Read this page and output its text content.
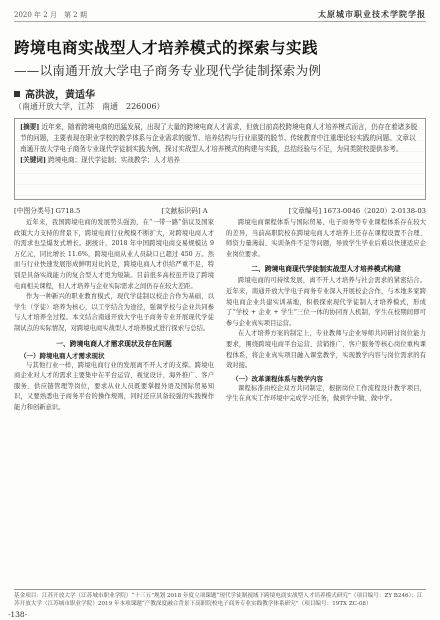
2020 年 2 月　第 2 期	太原城市职业技术学院学报
跨境电商实战型人才培养模式的探索与实践
——以南通开放大学电子商务专业现代学徒制探索为例
高洪波，黄适华
（南通开放大学，江苏　南通　226006）
[摘要] 近年来，随着跨境电商的迅猛发展，出现了大量的跨境电商人才需求，但就目前高校跨境电商人才培养模式而言，仍存在着诸多脱节的问题，主要表现在职业学校的教学体系与企业需求的脱节、培养结构与行业需要的脱节、传统教育中注重理论轻实践的问题。文章以南通开放大学电子商务专业现代学徒制实践为例，探讨实战型人才培养模式的构建与实践，总结经验与不足，为同类院校提供参考。
[关键词] 跨境电商；现代学徒制；实战教学；人才培养
[中图分类号] G718.5	[文献标识码] A	[文章编号] 1673-0046（2020）2-0138-03

近年来，我国跨境电商的发展势头强劲，在“一带一路”倡议及国家政策大力支持的背景下，跨境电商行业规模不断扩大，对跨境电商人才的需求也呈爆发式增长。据统计，2018 年中国跨境电商交易规模达 9 万亿元，同比增长 11.6%，跨境电商从业人员缺口已超过 450 万。然而与行业快速发展形成鲜明对比的是，跨境电商人才供给严重不足，特别是具备实战能力的复合型人才更为短缺。目前很多高校虽开设了跨境电商相关课程，但人才培养与企业实际需求之间仍存在较大差距。

作为一种新兴的职业教育模式，现代学徒制以校企合作为基础，以学生（学徒）培养为核心，以工学结合为途径，强调学校与企业共同参与人才培养全过程。本文结合南通开放大学电子商务专业开展现代学徒制试点的实际情况，对跨境电商实战型人才培养模式进行探索与总结。

一、跨境电商人才需求现状及存在问题
（一）跨境电商人才需求现状

与其他行业一样，跨境电商行业的发展离不开人才的支撑。跨境电商企业对人才的需求主要集中在平台运营、视觉设计、海外推广、客户服务、供应链管理等岗位，要求从业人员既要掌握外语及国际贸易知识，又要熟悉电子商务平台的操作规则，同时还应具备较强的实践操作能力和创新意识。

跨境电商课程体系与国际贸易、电子商务等专业课程体系存在较大的差异，当前高职院校在跨境电商人才培养上还存在课程设置不合理、师资力量薄弱、实训条件不足等问题，导致学生毕业后难以快速适应企业岗位要求。

二、跨境电商现代学徒制实战型人才培养模式构建

跨境电商的可持续发展，离不开人才培养与社会需求的紧密结合。近年来，南通开放大学电子商务专业深入开展校企合作，与本地多家跨境电商企业共建实训基地，积极探索现代学徒制人才培养模式，形成了“学校 + 企业 + 学生”三位一体的协同育人机制，学生在校期间即可参与企业真实项目运营。

在人才培养方案的制定上，专业教师与企业导师共同研讨岗位能力要求，围绕跨境电商平台运营、营销推广、客户服务等核心岗位重构课程体系，将企业真实项目融入课堂教学，实现教学内容与岗位需求的有效对接。

（一）改革课程体系与教学内容

课程标准由校企双方共同制定，根据岗位工作流程设计教学项目，学生在真实工作环境中完成学习任务，做到学中做、做中学。

基金项目：江苏开放大学（江苏城市职业学院）“十三五”规划 2018 年度立项课题“现代学徒制视域下跨境电商实战型人才培养模式研究”（项目编号：ZY B246）；江苏开放大学（江苏城市职业学院）2019 年本项课题“产教深度融合背景下高职院校电子商务专业实践教学体系研究”（项目编号：19TX ZC-08）
·138·
